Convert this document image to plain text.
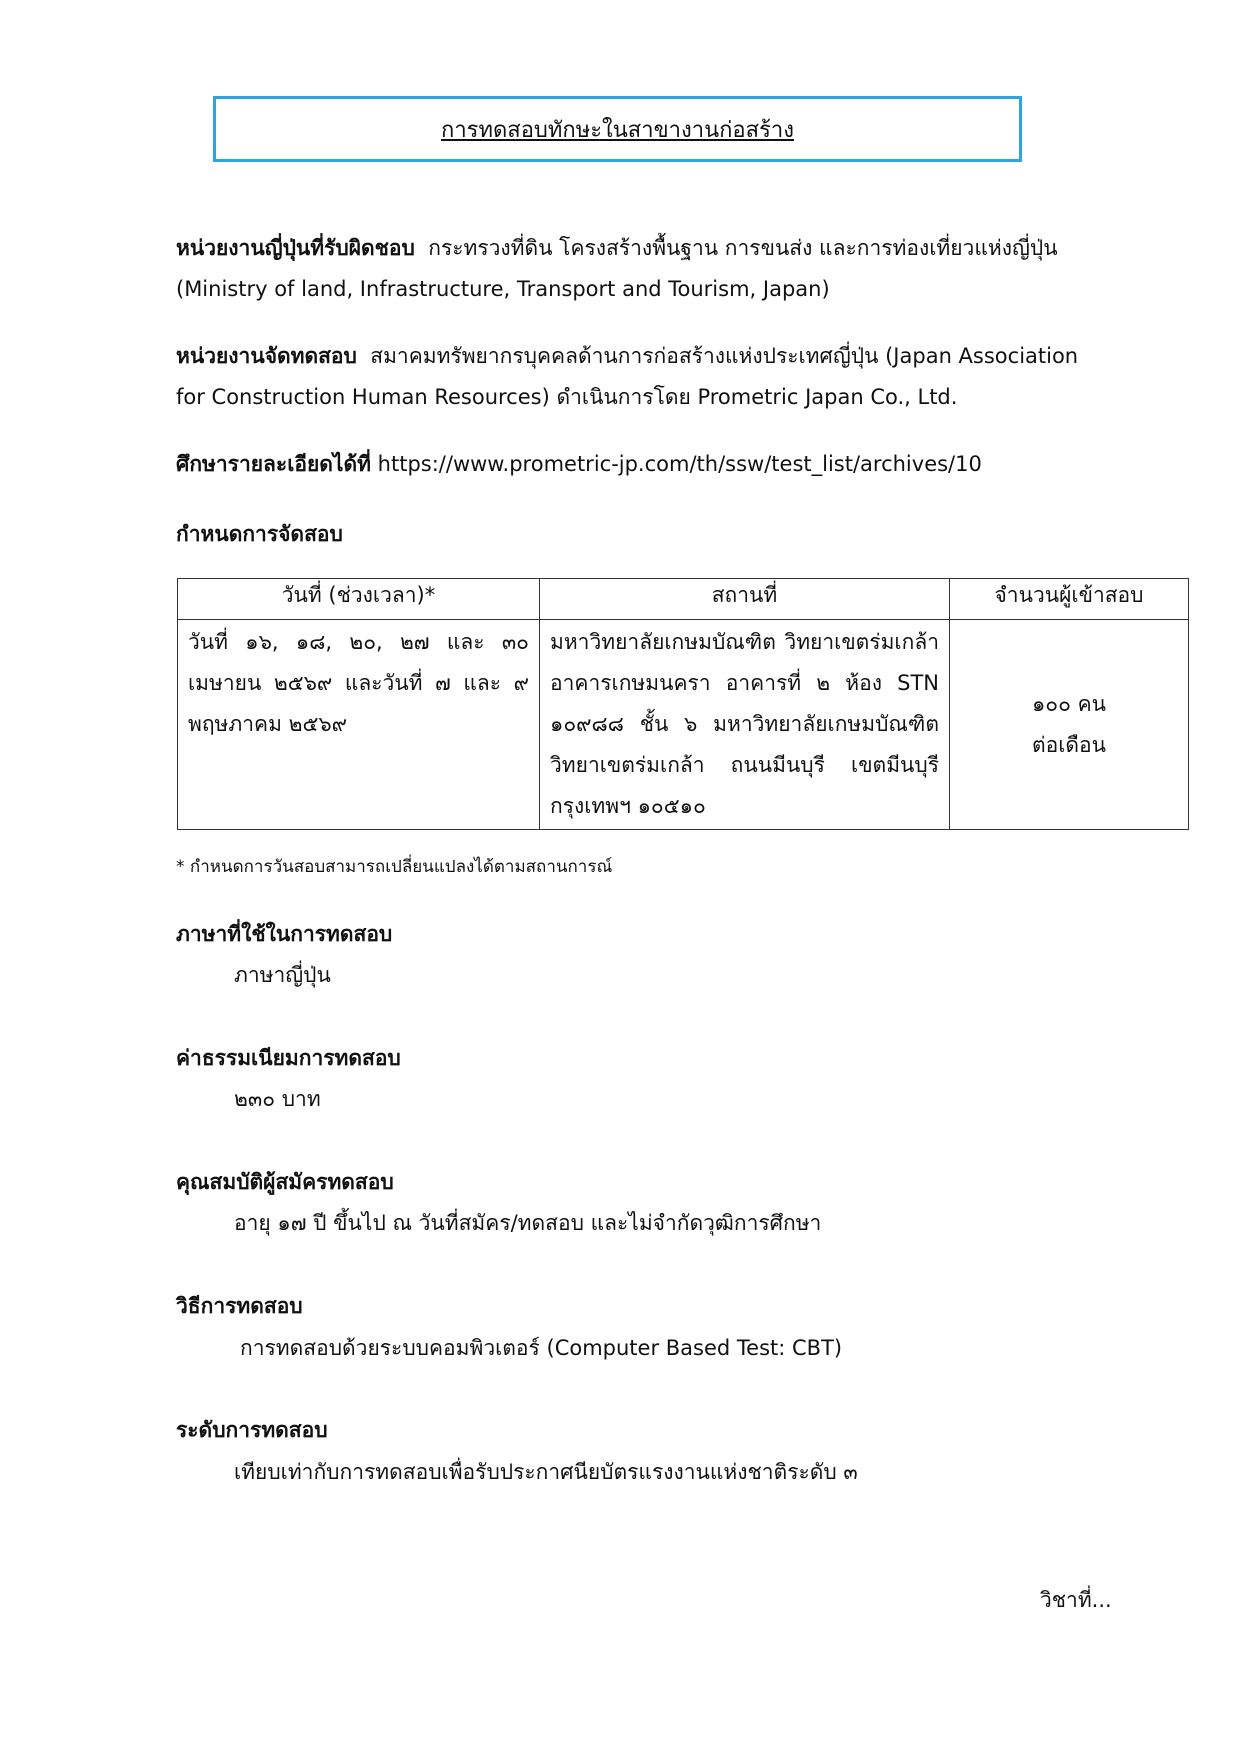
การทดสอบทักษะในสาขางานก่อสร้าง
หน่วยงานญี่ปุ่นที่รับผิดชอบ กระทรวงที่ดิน โครงสร้างพื้นฐาน การขนส่ง และการท่องเที่ยวแห่งญี่ปุ่น
(Ministry of land, Infrastructure, Transport and Tourism, Japan)
หน่วยงานจัดทดสอบ สมาคมทรัพยากรบุคคลด้านการก่อสร้างแห่งประเทศญี่ปุ่น (Japan Association
for Construction Human Resources) ดำเนินการโดย Prometric Japan Co., Ltd.
ศึกษารายละเอียดได้ที่ https://www.prometric-jp.com/th/ssw/test_list/archives/10
กำหนดการจัดสอบ
วันที่ (ช่วงเวลา)*	สถานที่	จำนวนผู้เข้าสอบ
วันที่ ๑๖, ๑๘, ๒๐, ๒๗ และ ๓๐ เมษายน ๒๕๖๙ และวันที่ ๗ และ ๙ พฤษภาคม ๒๕๖๙	มหาวิทยาลัยเกษมบัณฑิต วิทยาเขตร่มเกล้า อาคารเกษมนครา อาคารที่ ๒ ห้อง STN ๑๐๙๘๘ ชั้น ๖ มหาวิทยาลัยเกษมบัณฑิต วิทยาเขตร่มเกล้า ถนนมีนบุรี เขตมีนบุรี กรุงเทพฯ ๑๐๕๑๐	๑๐๐ คน
ต่อเดือน
* กำหนดการวันสอบสามารถเปลี่ยนแปลงได้ตามสถานการณ์
ภาษาที่ใช้ในการทดสอบ
ภาษาญี่ปุ่น
ค่าธรรมเนียมการทดสอบ
๒๓๐ บาท
คุณสมบัติผู้สมัครทดสอบ
อายุ ๑๗ ปี ขึ้นไป ณ วันที่สมัคร/ทดสอบ และไม่จำกัดวุฒิการศึกษา
วิธีการทดสอบ
การทดสอบด้วยระบบคอมพิวเตอร์ (Computer Based Test: CBT)
ระดับการทดสอบ
เทียบเท่ากับการทดสอบเพื่อรับประกาศนียบัตรแรงงานแห่งชาติระดับ ๓
วิชาที่...
